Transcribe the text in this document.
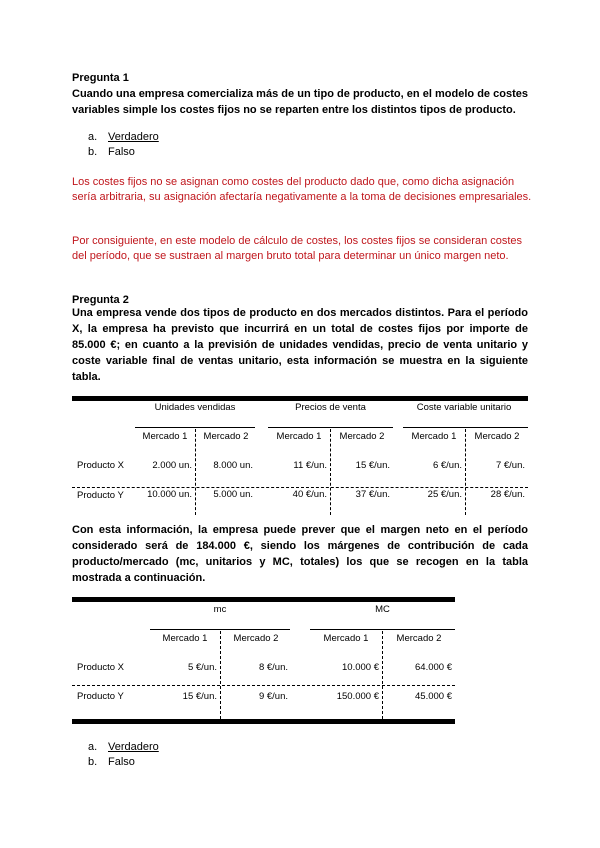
Pregunta 1
Cuando una empresa comercializa más de un tipo de producto, en el modelo de costes variables simple los costes fijos no se reparten entre los distintos tipos de producto.
a. Verdadero
b. Falso
Los costes fijos no se asignan como costes del producto dado que, como dicha asignación sería arbitraria, su asignación afectaría negativamente a la toma de decisiones empresariales.
Por consiguiente, en este modelo de cálculo de costes, los costes fijos se consideran costes del período, que se sustraen al margen bruto total para determinar un único margen neto.
Pregunta 2
Una empresa vende dos tipos de producto en dos mercados distintos. Para el período X, la empresa ha previsto que incurrirá en un total de costes fijos por importe de 85.000 €; en cuanto a la previsión de unidades vendidas, precio de venta unitario y coste variable final de ventas unitario, esta información se muestra en la siguiente tabla.
Unidades vendidas	Precios de venta	Coste variable unitario
Mercado 1	Mercado 2	Mercado 1	Mercado 2	Mercado 1	Mercado 2
Producto X	2.000 un.	8.000 un.	11 €/un.	15 €/un.	6 €/un.	7 €/un.
Producto Y	10.000 un.	5.000 un.	40 €/un.	37 €/un.	25 €/un.	28 €/un.
Con esta información, la empresa puede prever que el margen neto en el período considerado será de 184.000 €, siendo los márgenes de contribución de cada producto/mercado (mc, unitarios y MC, totales) los que se recogen en la tabla mostrada a continuación.
mc	MC
Mercado 1	Mercado 2	Mercado 1	Mercado 2
Producto X	5 €/un.	8 €/un.	10.000 €	64.000 €
Producto Y	15 €/un.	9 €/un.	150.000 €	45.000 €
a. Verdadero
b. Falso
